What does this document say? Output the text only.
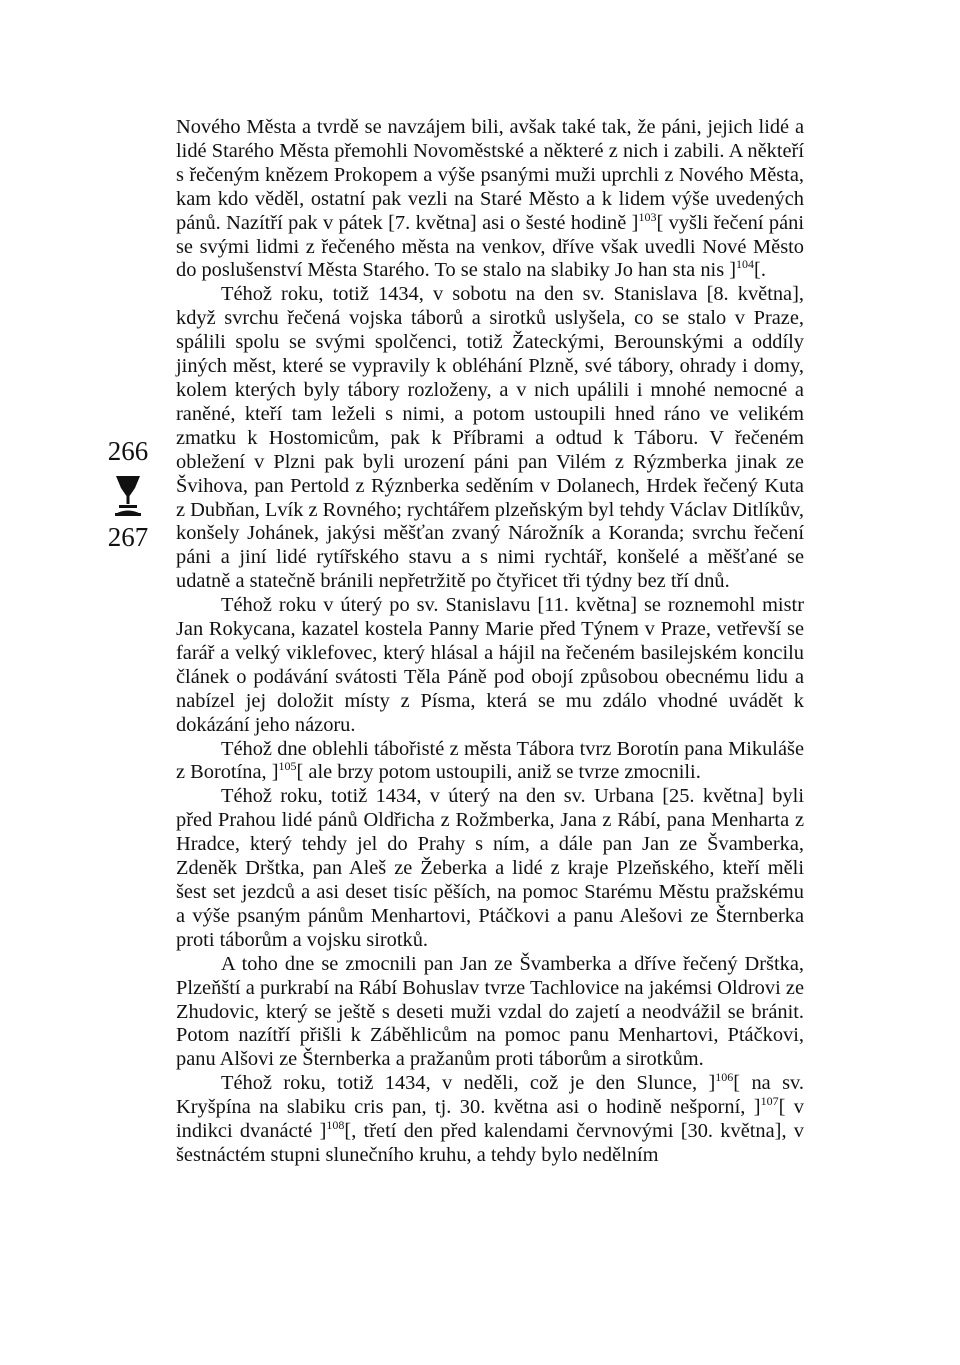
266
267

Nového Města a tvrdě se navzájem bili, avšak také tak, že páni, jejich lidé a lidé Starého Města přemohli Novoměstské a některé z nich i zabili. A někteří s řečeným knězem Prokopem a výše psanými muži uprchli z Nového Města, kam kdo věděl, ostatní pak vezli na Staré Město a k lidem výše uvedených pánů. Nazítří pak v pátek [7. května] asi o šesté hodině ]$^{103}$[ vyšli řečení páni se svými lidmi z řečeného města na venkov, dříve však uvedli Nové Město do poslušenství Města Starého. To se stalo na slabiky Jo han sta nis ]$^{104}$[.

Téhož roku, totiž 1434, v sobotu na den sv. Stanislava [8. května], když svrchu řečená vojska táborů a sirotků uslyšela, co se stalo v Praze, spálili spolu se svými spolčenci, totiž Žateckými, Berounskými a oddíly jiných měst, které se vypravily k obléhání Plzně, své tábory, ohrady i domy, kolem kterých byly tábory rozloženy, a v nich upálili i mnohé nemocné a raněné, kteří tam leželi s nimi, a potom ustoupili hned ráno ve velikém zmatku k Hostomicům, pak k Příbrami a odtud k Táboru. V řečeném obležení v Plzni pak byli urození páni pan Vilém z Rýzmberka jinak ze Švihova, pan Pertold z Rýznberka seděním v Dolanech, Hrdek řečený Kuta z Dubňan, Lvík z Rovného; rychtářem plzeňským byl tehdy Václav Ditlíkův, konšely Johánek, jakýsi měšťan zvaný Nárožník a Koranda; svrchu řečení páni a jiní lidé rytířského stavu a s nimi rychtář, konšelé a měšťané se udatně a statečně bránili nepřetržitě po čtyřicet tři týdny bez tří dnů.

Téhož roku v úterý po sv. Stanislavu [11. května] se roznemohl mistr Jan Rokycana, kazatel kostela Panny Marie před Týnem v Praze, vetřevší se farář a velký viklefovec, který hlásal a hájil na řečeném basilejském koncilu článek o podávání svátosti Těla Páně pod obojí způsobou obecnému lidu a nabízel jej doložit místy z Písma, která se mu zdálo vhodné uvádět k dokázání jeho názoru.

Téhož dne oblehli tábořisté z města Tábora tvrz Borotín pana Mikuláše z Borotína, ]$^{105}$[ ale brzy potom ustoupili, aniž se tvrze zmocnili.

Téhož roku, totiž 1434, v úterý na den sv. Urbana [25. května] byli před Prahou lidé pánů Oldřicha z Rožmberka, Jana z Rábí, pana Menharta z Hradce, který tehdy jel do Prahy s ním, a dále pan Jan ze Švamberka, Zdeněk Drštka, pan Aleš ze Žeberka a lidé z kraje Plzeňského, kteří měli šest set jezdců a asi deset tisíc pěších, na pomoc Starému Městu pražskému a výše psaným pánům Menhartovi, Ptáčkovi a panu Alešovi ze Šternberka proti táborům a vojsku sirotků.

A toho dne se zmocnili pan Jan ze Švamberka a dříve řečený Drštka, Plzeňští a purkrabí na Rábí Bohuslav tvrze Tachlovice na jakémsi Oldrovi ze Zhudovic, který se ještě s deseti muži vzdal do zajetí a neodvážil se bránit. Potom nazítří přišli k Záběhlicům na pomoc panu Menhartovi, Ptáčkovi, panu Alšovi ze Šternberka a pražanům proti táborům a sirotkům.

Téhož roku, totiž 1434, v neděli, což je den Slunce, ]$^{106}$[ na sv. Kryšpína na slabiku cris pan, tj. 30. května asi o hodině nešporní, ]$^{107}$[ v indikci dvanácté ]$^{108}$[, třetí den před kalendami červnovými [30. května], v šestnáctém stupni slunečního kruhu, a tehdy bylo nedělním
